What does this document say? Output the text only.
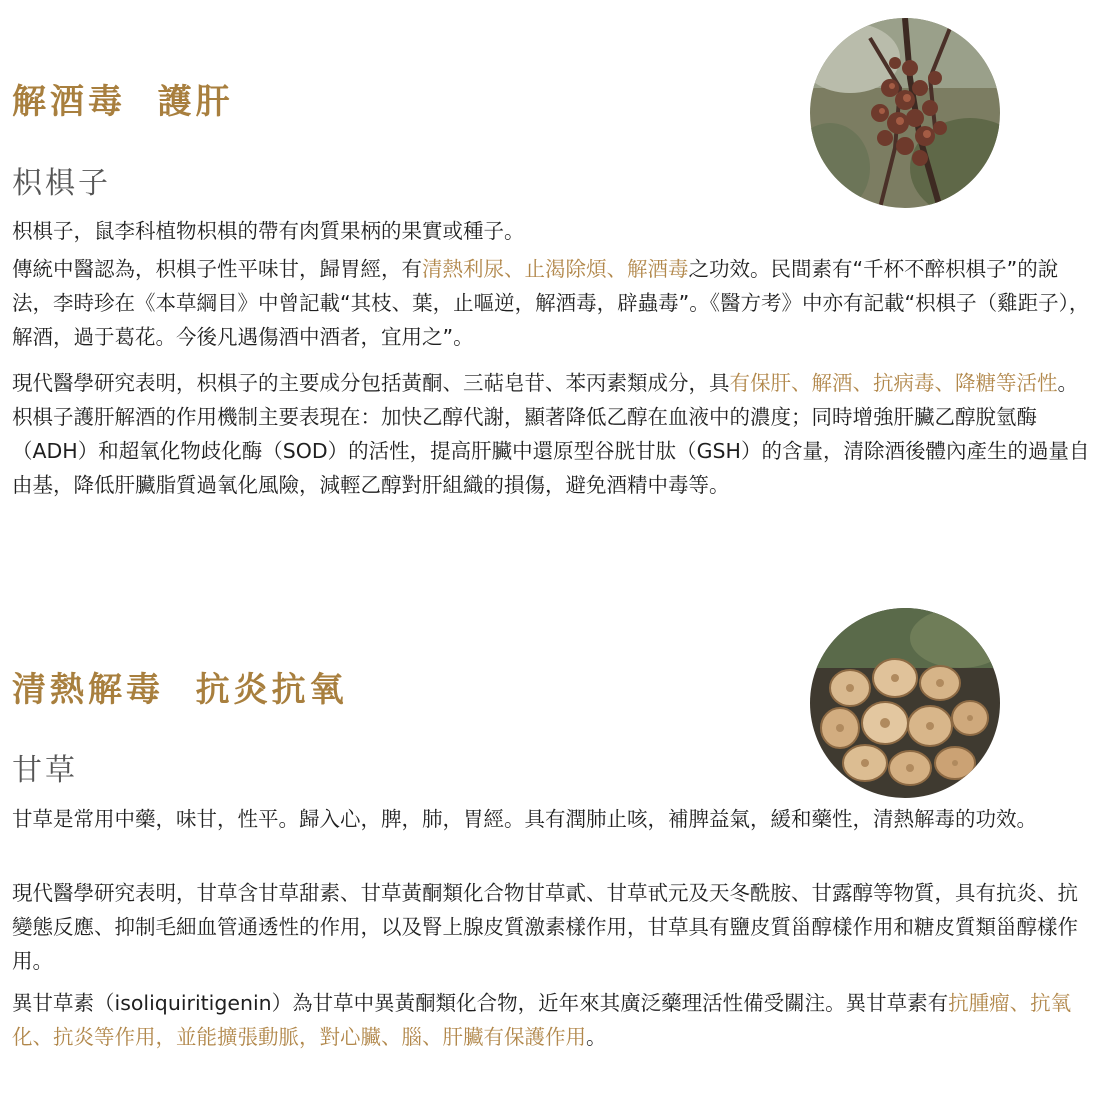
解酒毒  護肝
枳椇子

枳椇子，鼠李科植物枳椇的帶有肉質果柄的果實或種子。

傳統中醫認為，枳椇子性平味甘，歸胃經，有清熱利尿、止渴除煩、解酒毒之功效。民間素有“千杯不醉枳椇子”的說法，李時珍在《本草綱目》中曾記載“其枝、葉，止嘔逆，解酒毒，辟蟲毒”。《醫方考》中亦有記載“枳椇子（雞距子），解酒，過于葛花。今後凡遇傷酒中酒者，宜用之”。

現代醫學研究表明，枳椇子的主要成分包括黃酮、三萜皂苷、苯丙素類成分，具有保肝、解酒、抗病毒、降糖等活性。枳椇子護肝解酒的作用機制主要表現在：加快乙醇代謝，顯著降低乙醇在血液中的濃度；同時增強肝臟乙醇脫氫酶（ADH）和超氧化物歧化酶（SOD）的活性，提高肝臟中還原型谷胱甘肽（GSH）的含量，清除酒後體內產生的過量自由基，降低肝臟脂質過氧化風險，減輕乙醇對肝組織的損傷，避免酒精中毒等。

清熱解毒  抗炎抗氧
甘草

甘草是常用中藥，味甘，性平。歸入心，脾，肺，胃經。具有潤肺止咳，補脾益氣，緩和藥性，清熱解毒的功效。

現代醫學研究表明，甘草含甘草甜素、甘草黃酮類化合物甘草貳、甘草甙元及天冬酰胺、甘露醇等物質，具有抗炎、抗變態反應、抑制毛細血管通透性的作用，以及腎上腺皮質激素樣作用，甘草具有鹽皮質甾醇樣作用和糖皮質類甾醇樣作用。

異甘草素（isoliquiritigenin）為甘草中異黃酮類化合物，近年來其廣泛藥理活性備受關注。異甘草素有抗腫瘤、抗氧化、抗炎等作用，並能擴張動脈，對心臟、腦、肝臟有保護作用。
